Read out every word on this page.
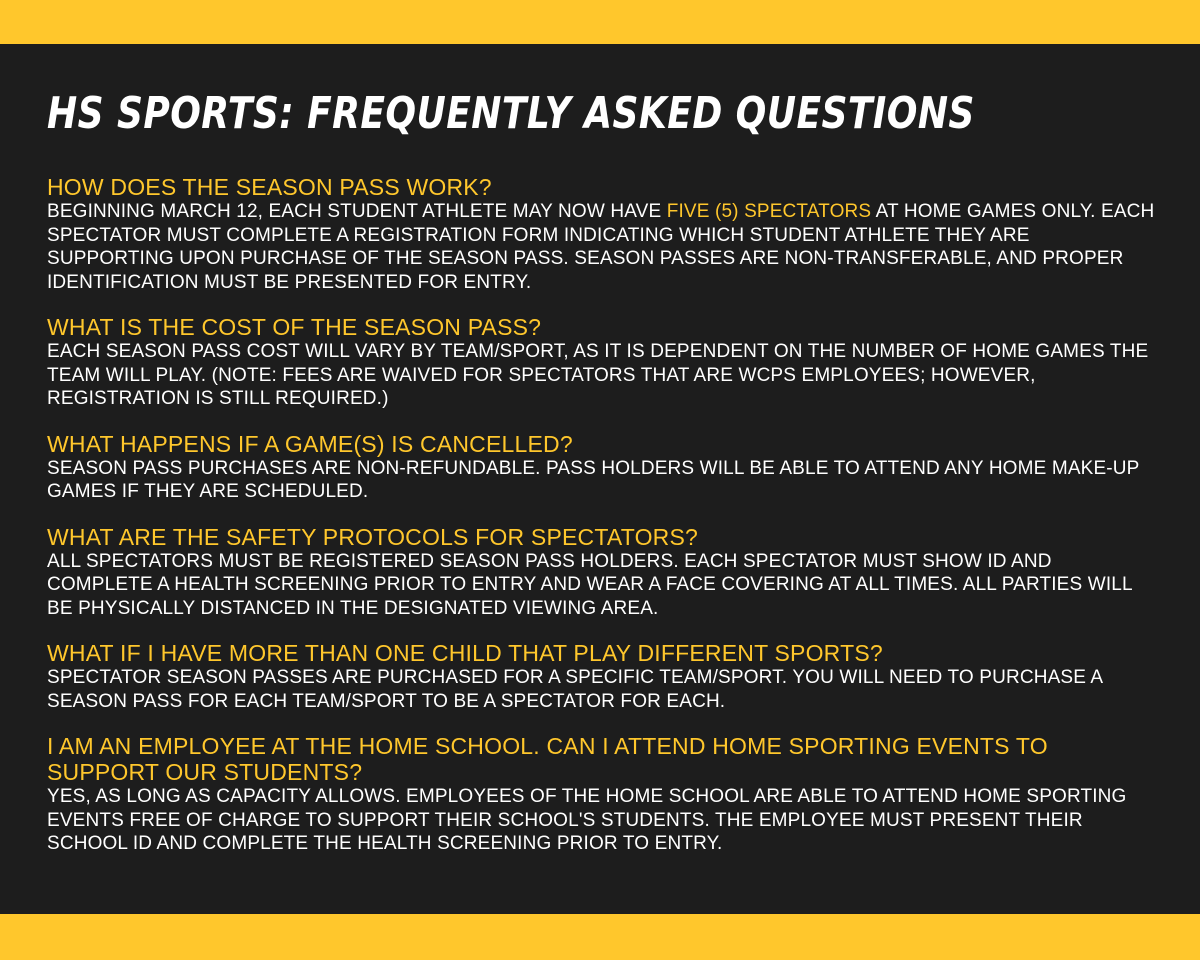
HS SPORTS: FREQUENTLY ASKED QUESTIONS

HOW DOES THE SEASON PASS WORK?

BEGINNING MARCH 12, EACH STUDENT ATHLETE MAY NOW HAVE FIVE (5) SPECTATORS AT HOME GAMES ONLY. EACH SPECTATOR MUST COMPLETE A REGISTRATION FORM INDICATING WHICH STUDENT ATHLETE THEY ARE SUPPORTING UPON PURCHASE OF THE SEASON PASS. SEASON PASSES ARE NON-TRANSFERABLE, AND PROPER IDENTIFICATION MUST BE PRESENTED FOR ENTRY.

WHAT IS THE COST OF THE SEASON PASS?

EACH SEASON PASS COST WILL VARY BY TEAM/SPORT, AS IT IS DEPENDENT ON THE NUMBER OF HOME GAMES THE TEAM WILL PLAY. (NOTE: FEES ARE WAIVED FOR SPECTATORS THAT ARE WCPS EMPLOYEES; HOWEVER, REGISTRATION IS STILL REQUIRED.)

WHAT HAPPENS IF A GAME(S) IS CANCELLED?

SEASON PASS PURCHASES ARE NON-REFUNDABLE. PASS HOLDERS WILL BE ABLE TO ATTEND ANY HOME MAKE-UP GAMES IF THEY ARE SCHEDULED.

WHAT ARE THE SAFETY PROTOCOLS FOR SPECTATORS?

ALL SPECTATORS MUST BE REGISTERED SEASON PASS HOLDERS. EACH SPECTATOR MUST SHOW ID AND COMPLETE A HEALTH SCREENING PRIOR TO ENTRY AND WEAR A FACE COVERING AT ALL TIMES. ALL PARTIES WILL BE PHYSICALLY DISTANCED IN THE DESIGNATED VIEWING AREA.

WHAT IF I HAVE MORE THAN ONE CHILD THAT PLAY DIFFERENT SPORTS?

SPECTATOR SEASON PASSES ARE PURCHASED FOR A SPECIFIC TEAM/SPORT. YOU WILL NEED TO PURCHASE A SEASON PASS FOR EACH TEAM/SPORT TO BE A SPECTATOR FOR EACH.

I AM AN EMPLOYEE AT THE HOME SCHOOL. CAN I ATTEND HOME SPORTING EVENTS TO SUPPORT OUR STUDENTS?

YES, AS LONG AS CAPACITY ALLOWS. EMPLOYEES OF THE HOME SCHOOL ARE ABLE TO ATTEND HOME SPORTING EVENTS FREE OF CHARGE TO SUPPORT THEIR SCHOOL'S STUDENTS. THE EMPLOYEE MUST PRESENT THEIR SCHOOL ID AND COMPLETE THE HEALTH SCREENING PRIOR TO ENTRY.
